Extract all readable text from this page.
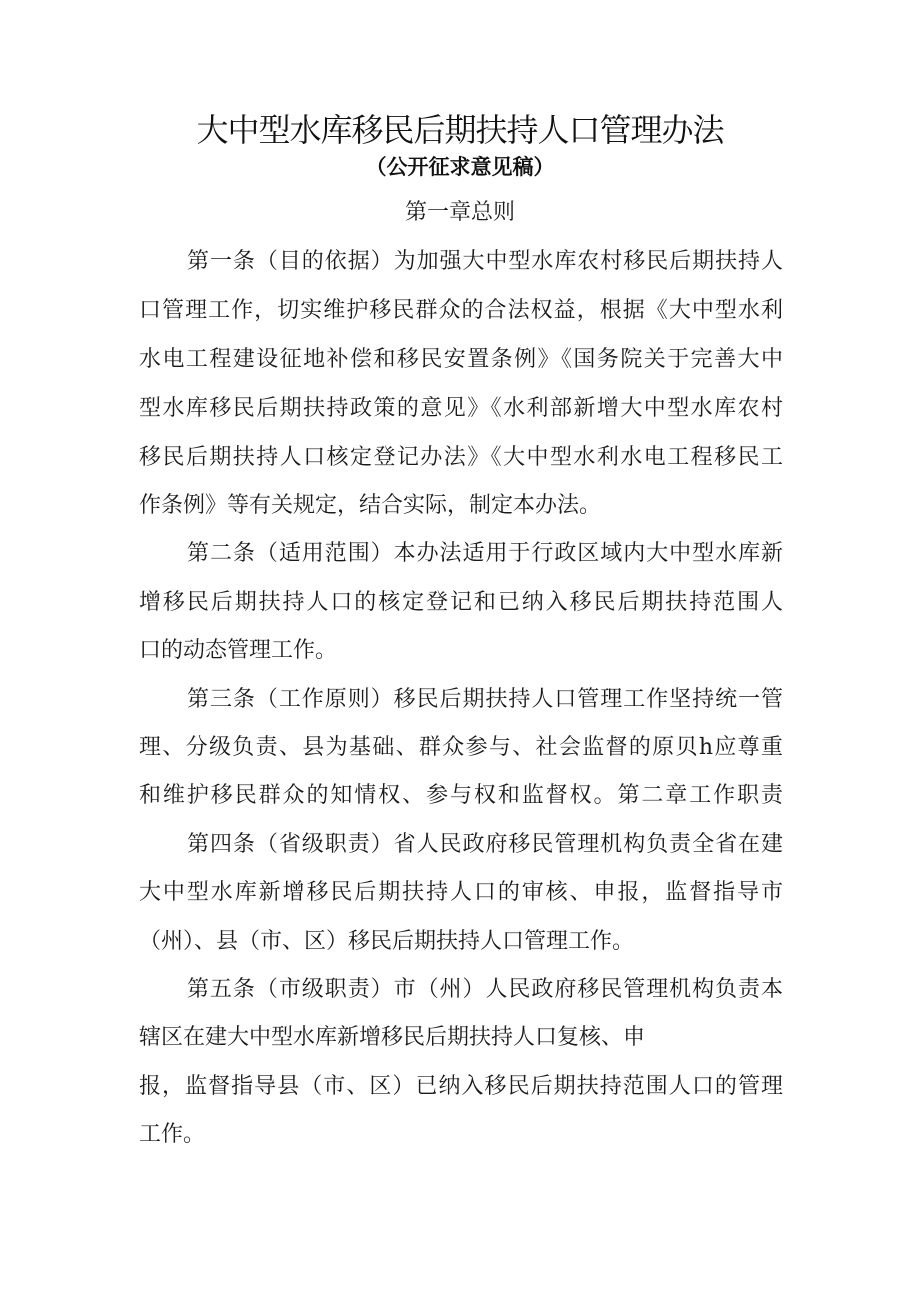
大中型水库移民后期扶持人口管理办法
（公开征求意见稿）
第一章总则
第一条（目的依据）为加强大中型水库农村移民后期扶持人
口管理工作，切实维护移民群众的合法权益，根据《大中型水利
水电工程建设征地补偿和移民安置条例》《国务院关于完善大中
型水库移民后期扶持政策的意见》《水利部新增大中型水库农村
移民后期扶持人口核定登记办法》《大中型水利水电工程移民工
作条例》等有关规定，结合实际，制定本办法。
第二条（适用范围）本办法适用于行政区域内大中型水库新
增移民后期扶持人口的核定登记和已纳入移民后期扶持范围人
口的动态管理工作。
第三条（工作原则）移民后期扶持人口管理工作坚持统一管
理、分级负责、县为基础、群众参与、社会监督的原贝h应尊重
和维护移民群众的知情权、参与权和监督权。第二章工作职责
第四条（省级职责）省人民政府移民管理机构负责全省在建
大中型水库新增移民后期扶持人口的审核、申报，监督指导市
（州）、县（市、区）移民后期扶持人口管理工作。
第五条（市级职责）市（州）人民政府移民管理机构负责本
辖区在建大中型水库新增移民后期扶持人口复核、申
报，监督指导县（市、区）已纳入移民后期扶持范围人口的管理
工作。
